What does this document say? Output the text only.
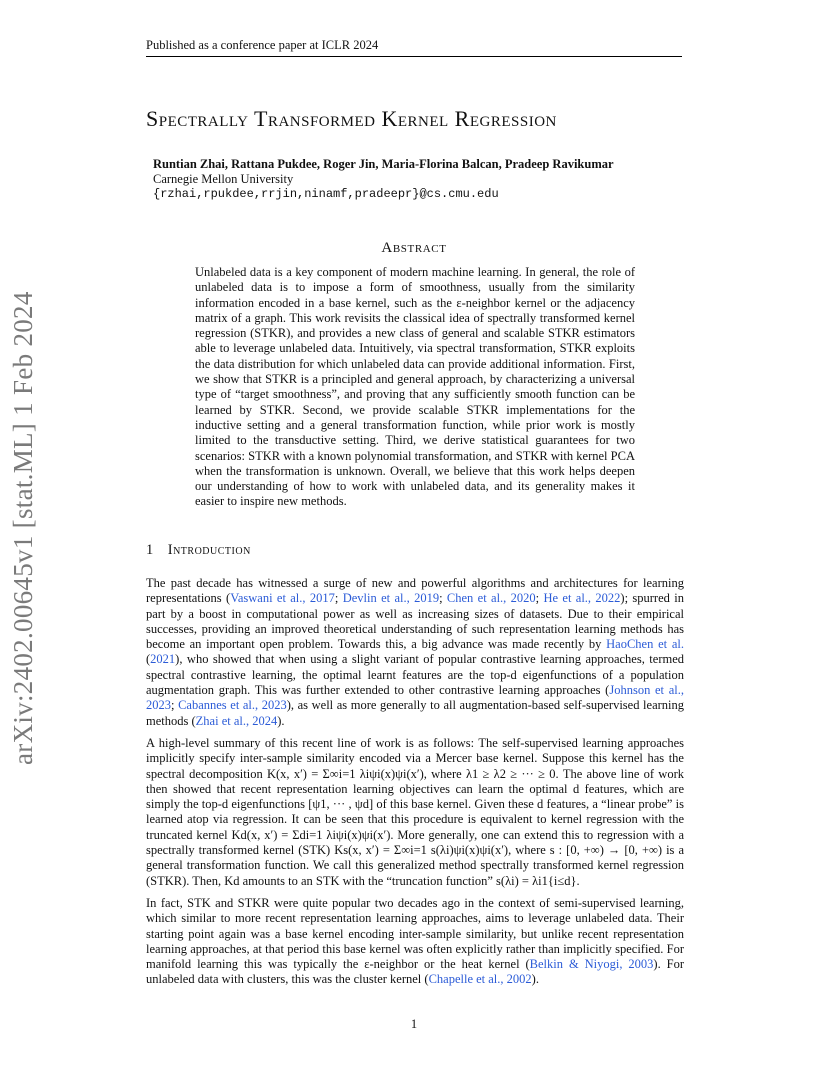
Published as a conference paper at ICLR 2024
arXiv:2402.00645v1 [stat.ML] 1 Feb 2024
Spectrally Transformed Kernel Regression
Runtian Zhai, Rattana Pukdee, Roger Jin, Maria-Florina Balcan, Pradeep Ravikumar
Carnegie Mellon University
{rzhai,rpukdee,rrjin,ninamf,pradeepr}@cs.cmu.edu
Abstract
Unlabeled data is a key component of modern machine learning. In general, the role of unlabeled data is to impose a form of smoothness, usually from the similarity information encoded in a base kernel, such as the ε-neighbor kernel or the adjacency matrix of a graph. This work revisits the classical idea of spectrally transformed kernel regression (STKR), and provides a new class of general and scalable STKR estimators able to leverage unlabeled data. Intuitively, via spectral transformation, STKR exploits the data distribution for which unlabeled data can provide additional information. First, we show that STKR is a principled and general approach, by characterizing a universal type of “target smoothness”, and proving that any sufficiently smooth function can be learned by STKR. Second, we provide scalable STKR implementations for the inductive setting and a general transformation function, while prior work is mostly limited to the transductive setting. Third, we derive statistical guarantees for two scenarios: STKR with a known polynomial transformation, and STKR with kernel PCA when the transformation is unknown. Overall, we believe that this work helps deepen our understanding of how to work with unlabeled data, and its generality makes it easier to inspire new methods.
1 Introduction

The past decade has witnessed a surge of new and powerful algorithms and architectures for learning representations (Vaswani et al., 2017; Devlin et al., 2019; Chen et al., 2020; He et al., 2022); spurred in part by a boost in computational power as well as increasing sizes of datasets. Due to their empirical successes, providing an improved theoretical understanding of such representation learning methods has become an important open problem. Towards this, a big advance was made recently by HaoChen et al. (2021), who showed that when using a slight variant of popular contrastive learning approaches, termed spectral contrastive learning, the optimal learnt features are the top-d eigenfunctions of a population augmentation graph. This was further extended to other contrastive learning approaches (Johnson et al., 2023; Cabannes et al., 2023), as well as more generally to all augmentation-based self-supervised learning methods (Zhai et al., 2024).

A high-level summary of this recent line of work is as follows: The self-supervised learning approaches implicitly specify inter-sample similarity encoded via a Mercer base kernel. Suppose this kernel has the spectral decomposition K(x, x′) = Σ∞i=1 λiψi(x)ψi(x′), where λ1 ≥ λ2 ≥ ··· ≥ 0. The above line of work then showed that recent representation learning objectives can learn the optimal d features, which are simply the top-d eigenfunctions [ψ1, ··· , ψd] of this base kernel. Given these d features, a “linear probe” is learned atop via regression. It can be seen that this procedure is equivalent to kernel regression with the truncated kernel Kd(x, x′) = Σdi=1 λiψi(x)ψi(x′). More generally, one can extend this to regression with a spectrally transformed kernel (STK) Ks(x, x′) = Σ∞i=1 s(λi)ψi(x)ψi(x′), where s : [0, +∞) → [0, +∞) is a general transformation function. We call this generalized method spectrally transformed kernel regression (STKR). Then, Kd amounts to an STK with the “truncation function” s(λi) = λi1{i≤d}.

In fact, STK and STKR were quite popular two decades ago in the context of semi-supervised learning, which similar to more recent representation learning approaches, aims to leverage unlabeled data. Their starting point again was a base kernel encoding inter-sample similarity, but unlike recent representation learning approaches, at that period this base kernel was often explicitly rather than implicitly specified. For manifold learning this was typically the ε-neighbor or the heat kernel (Belkin & Niyogi, 2003). For unlabeled data with clusters, this was the cluster kernel (Chapelle et al., 2002).

1
